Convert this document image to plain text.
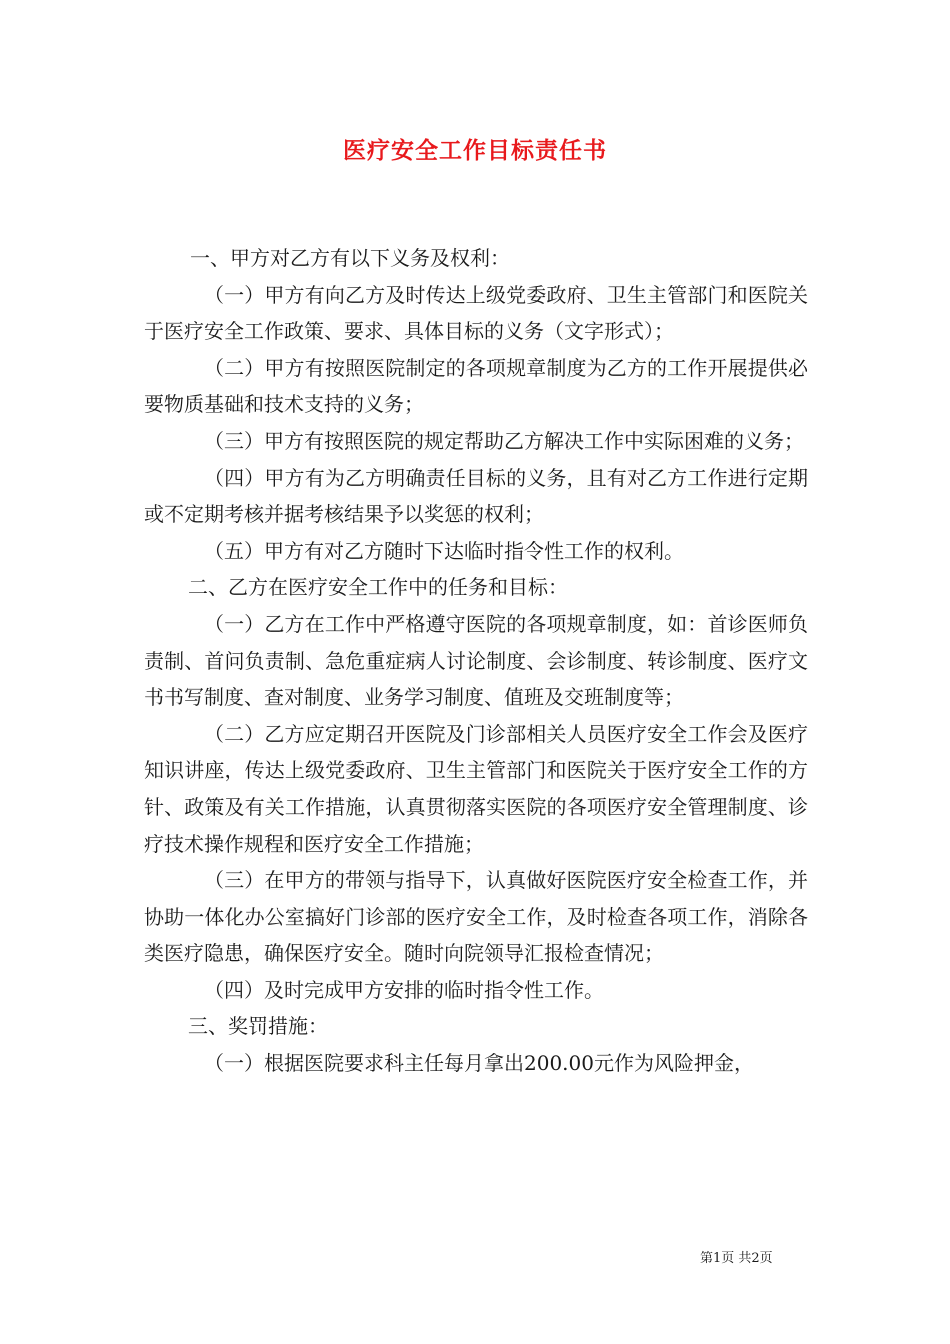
医疗安全工作目标责任书

一、甲方对乙方有以下义务及权利：

（一）甲方有向乙方及时传达上级党委政府、卫生主管部门和医院关于医疗安全工作政策、要求、具体目标的义务（文字形式）；

（二）甲方有按照医院制定的各项规章制度为乙方的工作开展提供必要物质基础和技术支持的义务；

（三）甲方有按照医院的规定帮助乙方解决工作中实际困难的义务；

（四）甲方有为乙方明确责任目标的义务，且有对乙方工作进行定期或不定期考核并据考核结果予以奖惩的权利；

（五）甲方有对乙方随时下达临时指令性工作的权利。

二、乙方在医疗安全工作中的任务和目标：

（一）乙方在工作中严格遵守医院的各项规章制度，如：首诊医师负责制、首问负责制、急危重症病人讨论制度、会诊制度、转诊制度、医疗文书书写制度、查对制度、业务学习制度、值班及交班制度等；

（二）乙方应定期召开医院及门诊部相关人员医疗安全工作会及医疗知识讲座，传达上级党委政府、卫生主管部门和医院关于医疗安全工作的方针、政策及有关工作措施，认真贯彻落实医院的各项医疗安全管理制度、诊疗技术操作规程和医疗安全工作措施；

（三）在甲方的带领与指导下，认真做好医院医疗安全检查工作，并协助一体化办公室搞好门诊部的医疗安全工作，及时检查各项工作，消除各类医疗隐患，确保医疗安全。随时向院领导汇报检查情况；

（四）及时完成甲方安排的临时指令性工作。

三、奖罚措施：

（一）根据医院要求科主任每月拿出200.00元作为风险押金，

第1页 共2页
